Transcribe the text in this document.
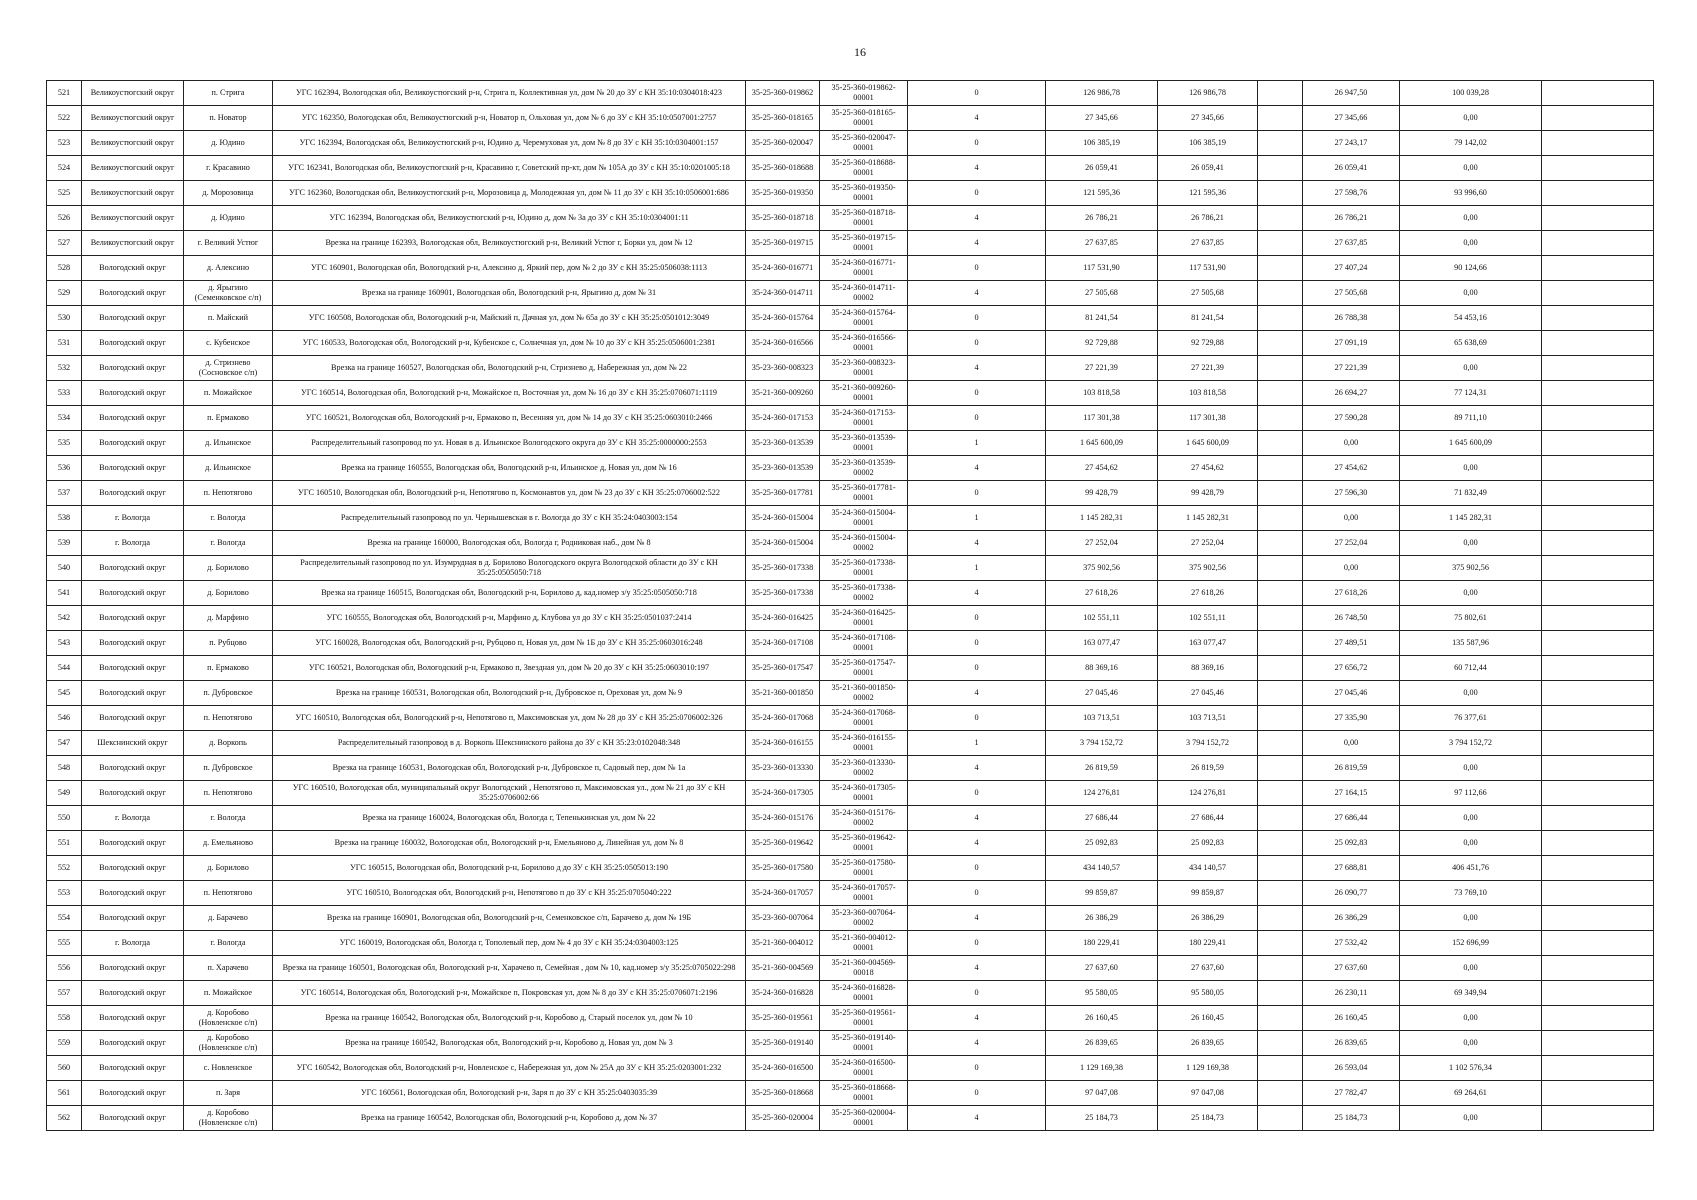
16
521	Великоустюгский округ	п. Стрига	УГС 162394, Вологодская обл, Великоустюгский р-н, Стрига п, Коллективная ул, дом № 20 до ЗУ с КН 35:10:0304018:423	35-25-360-019862	35-25-360-019862-00001	0	126 986,78	126 986,78		26 947,50	100 039,28	
522	Великоустюгский округ	п. Новатор	УГС 162350, Вологодская обл, Великоустюгский р-н, Новатор п, Ольховая ул, дом № 6 до ЗУ с КН 35:10:0507001:2757	35-25-360-018165	35-25-360-018165-00001	4	27 345,66	27 345,66		27 345,66	0,00	
523	Великоустюгский округ	д. Юдино	УГС 162394, Вологодская обл, Великоустюгский р-н, Юдино д, Черемуховая ул, дом № 8 до ЗУ с КН 35:10:0304001:157	35-25-360-020047	35-25-360-020047-00001	0	106 385,19	106 385,19		27 243,17	79 142,02	
524	Великоустюгский округ	г. Красавино	УГС 162341, Вологодская обл, Великоустюгский р-н, Красавино г, Советский пр-кт, дом № 105А до ЗУ с КН 35:10:0201005:18	35-25-360-018688	35-25-360-018688-00001	4	26 059,41	26 059,41		26 059,41	0,00	
525	Великоустюгский округ	д. Морозовица	УГС 162360, Вологодская обл, Великоустюгский р-н, Морозовица д, Молодежная ул, дом № 11 до ЗУ с КН 35:10:0506001:686	35-25-360-019350	35-25-360-019350-00001	0	121 595,36	121 595,36		27 598,76	93 996,60	
526	Великоустюгский округ	д. Юдино	УГС 162394, Вологодская обл, Великоустюгский р-н, Юдино д, дом № 3а до ЗУ с КН 35:10:0304001:11	35-25-360-018718	35-25-360-018718-00001	4	26 786,21	26 786,21		26 786,21	0,00	
527	Великоустюгский округ	г. Великий Устюг	Врезка на границе 162393, Вологодская обл, Великоустюгский р-н, Великий Устюг г, Борки ул, дом № 12	35-25-360-019715	35-25-360-019715-00001	4	27 637,85	27 637,85		27 637,85	0,00	
528	Вологодский округ	д. Алексино	УГС 160901, Вологодская обл, Вологодский р-н, Алексино д, Яркий пер, дом № 2 до ЗУ с КН 35:25:0506038:1113	35-24-360-016771	35-24-360-016771-00001	0	117 531,90	117 531,90		27 407,24	90 124,66	
529	Вологодский округ	д. Ярыгино (Семенковское с/п)	Врезка на границе 160901, Вологодская обл, Вологодский р-н, Ярыгино д, дом № 31	35-24-360-014711	35-24-360-014711-00002	4	27 505,68	27 505,68		27 505,68	0,00	
530	Вологодский округ	п. Майский	УГС 160508, Вологодская обл, Вологодский р-н, Майский п, Дачная ул, дом № 65а до ЗУ с КН 35:25:0501012:3049	35-24-360-015764	35-24-360-015764-00001	0	81 241,54	81 241,54		26 788,38	54 453,16	
531	Вологодский округ	с. Кубенское	УГС 160533, Вологодская обл, Вологодский р-н, Кубенское с, Солнечная ул, дом № 10 до ЗУ с КН 35:25:0506001:2381	35-24-360-016566	35-24-360-016566-00001	0	92 729,88	92 729,88		27 091,19	65 638,69	
532	Вологодский округ	д. Стризнево (Сосновское с/п)	Врезка на границе 160527, Вологодская обл, Вологодский р-н, Стризнево д, Набережная ул, дом № 22	35-23-360-008323	35-23-360-008323-00001	4	27 221,39	27 221,39		27 221,39	0,00	
533	Вологодский округ	п. Можайское	УГС 160514, Вологодская обл, Вологодский р-н, Можайское п, Восточная ул, дом № 16 до ЗУ с КН 35:25:0706071:1119	35-21-360-009260	35-21-360-009260-00001	0	103 818,58	103 818,58		26 694,27	77 124,31	
534	Вологодский округ	п. Ермаково	УГС 160521, Вологодская обл, Вологодский р-н, Ермаково п, Весенняя ул, дом № 14 до ЗУ с КН 35:25:0603010:2466	35-24-360-017153	35-24-360-017153-00001	0	117 301,38	117 301,38		27 590,28	89 711,10	
535	Вологодский округ	д. Ильинское	Распределительный газопровод по ул. Новая в д. Ильинское Вологодского округа до ЗУ с КН 35:25:0000000:2553	35-23-360-013539	35-23-360-013539-00001	1	1 645 600,09	1 645 600,09		0,00	1 645 600,09	
536	Вологодский округ	д. Ильинское	Врезка на границе 160555, Вологодская обл, Вологодский р-н, Ильинское д, Новая ул, дом № 16	35-23-360-013539	35-23-360-013539-00002	4	27 454,62	27 454,62		27 454,62	0,00	
537	Вологодский округ	п. Непотягово	УГС 160510, Вологодская обл, Вологодский р-н, Непотягово п, Космонавтов ул, дом № 23 до ЗУ с КН 35:25:0706002:522	35-25-360-017781	35-25-360-017781-00001	0	99 428,79	99 428,79		27 596,30	71 832,49	
538	г. Вологда	г. Вологда	Распределительный газопровод по ул. Чернышевская в г. Вологда до ЗУ с КН 35:24:0403003:154	35-24-360-015004	35-24-360-015004-00001	1	1 145 282,31	1 145 282,31		0,00	1 145 282,31	
539	г. Вологда	г. Вологда	Врезка на границе 160000, Вологодская обл, Вологда г, Родниковая наб., дом № 8	35-24-360-015004	35-24-360-015004-00002	4	27 252,04	27 252,04		27 252,04	0,00	
540	Вологодский округ	д. Борилово	Распределительный газопровод по ул. Изумрудная в д. Борилово Вологодского округа Вологодской области до ЗУ с КН 35:25:0505050:718	35-25-360-017338	35-25-360-017338-00001	1	375 902,56	375 902,56		0,00	375 902,56	
541	Вологодский округ	д. Борилово	Врезка на границе 160515, Вологодская обл, Вологодский р-н, Борилово д, кад.номер з/у 35:25:0505050:718	35-25-360-017338	35-25-360-017338-00002	4	27 618,26	27 618,26		27 618,26	0,00	
542	Вологодский округ	д. Марфино	УГС 160555, Вологодская обл, Вологодский р-н, Марфино д, Клубова ул до ЗУ с КН 35:25:0501037:2414	35-24-360-016425	35-24-360-016425-00001	0	102 551,11	102 551,11		26 748,50	75 802,61	
543	Вологодский округ	п. Рубцово	УГС 160028, Вологодская обл, Вологодский р-н, Рубцово п, Новая ул, дом № 1Б до ЗУ с КН 35:25:0603016:248	35-24-360-017108	35-24-360-017108-00001	0	163 077,47	163 077,47		27 489,51	135 587,96	
544	Вологодский округ	п. Ермаково	УГС 160521, Вологодская обл, Вологодский р-н, Ермаково п, Звездная ул, дом № 20 до ЗУ с КН 35:25:0603010:197	35-25-360-017547	35-25-360-017547-00001	0	88 369,16	88 369,16		27 656,72	60 712,44	
545	Вологодский округ	п. Дубровское	Врезка на границе 160531, Вологодская обл, Вологодский р-н, Дубровское п, Ореховая ул, дом № 9	35-21-360-001850	35-21-360-001850-00002	4	27 045,46	27 045,46		27 045,46	0,00	
546	Вологодский округ	п. Непотягово	УГС 160510, Вологодская обл, Вологодский р-н, Непотягово п, Максимовская ул, дом № 28 до ЗУ с КН 35:25:0706002:326	35-24-360-017068	35-24-360-017068-00001	0	103 713,51	103 713,51		27 335,90	76 377,61	
547	Шекснинский округ	д. Воркопь	Распределительный газопровод в д. Воркопь Шекснинского района до ЗУ с КН 35:23:0102048:348	35-24-360-016155	35-24-360-016155-00001	1	3 794 152,72	3 794 152,72		0,00	3 794 152,72	
548	Вологодский округ	п. Дубровское	Врезка на границе 160531, Вологодская обл, Вологодский р-н, Дубровское п, Садовый пер, дом № 1а	35-23-360-013330	35-23-360-013330-00002	4	26 819,59	26 819,59		26 819,59	0,00	
549	Вологодский округ	п. Непотягово	УГС 160510, Вологодская обл, муниципальный округ Вологодский , Непотягово п, Максимовская ул., дом № 21 до ЗУ с КН 35:25:0706002:66	35-24-360-017305	35-24-360-017305-00001	0	124 276,81	124 276,81		27 164,15	97 112,66	
550	г. Вологда	г. Вологда	Врезка на границе 160024, Вологодская обл, Вологда г, Тепенькинская ул, дом № 22	35-24-360-015176	35-24-360-015176-00002	4	27 686,44	27 686,44		27 686,44	0,00	
551	Вологодский округ	д. Емельяново	Врезка на границе 160032, Вологодская обл, Вологодский р-н, Емельяново д, Линейная ул, дом № 8	35-25-360-019642	35-25-360-019642-00001	4	25 092,83	25 092,83		25 092,83	0,00	
552	Вологодский округ	д. Борилово	УГС 160515, Вологодская обл, Вологодский р-н, Борилово д до ЗУ с КН 35:25:0505013:190	35-25-360-017580	35-25-360-017580-00001	0	434 140,57	434 140,57		27 688,81	406 451,76	
553	Вологодский округ	п. Непотягово	УГС 160510, Вологодская обл, Вологодский р-н, Непотягово п до ЗУ с КН 35:25:0705040:222	35-24-360-017057	35-24-360-017057-00001	0	99 859,87	99 859,87		26 090,77	73 769,10	
554	Вологодский округ	д. Барачево	Врезка на границе 160901, Вологодская обл, Вологодский р-н, Семенковское с/п, Барачево д, дом № 19Б	35-23-360-007064	35-23-360-007064-00002	4	26 386,29	26 386,29		26 386,29	0,00	
555	г. Вологда	г. Вологда	УГС 160019, Вологодская обл, Вологда г, Тополевый пер, дом № 4 до ЗУ с КН 35:24:0304003:125	35-21-360-004012	35-21-360-004012-00001	0	180 229,41	180 229,41		27 532,42	152 696,99	
556	Вологодский округ	п. Харачево	Врезка на границе 160501, Вологодская обл, Вологодский р-н, Харачево п, Семейная , дом № 10, кад.номер з/у 35:25:0705022:298	35-21-360-004569	35-21-360-004569-00018	4	27 637,60	27 637,60		27 637,60	0,00	
557	Вологодский округ	п. Можайское	УГС 160514, Вологодская обл, Вологодский р-н, Можайское п, Покровская ул, дом № 8 до ЗУ с КН 35:25:0706071:2196	35-24-360-016828	35-24-360-016828-00001	0	95 580,05	95 580,05		26 230,11	69 349,94	
558	Вологодский округ	д. Коробово (Новленское с/п)	Врезка на границе 160542, Вологодская обл, Вологодский р-н, Коробово д, Старый поселок ул, дом № 10	35-25-360-019561	35-25-360-019561-00001	4	26 160,45	26 160,45		26 160,45	0,00	
559	Вологодский округ	д. Коробово (Новленское с/п)	Врезка на границе 160542, Вологодская обл, Вологодский р-н, Коробово д, Новая ул, дом № 3	35-25-360-019140	35-25-360-019140-00001	4	26 839,65	26 839,65		26 839,65	0,00	
560	Вологодский округ	с. Новленское	УГС 160542, Вологодская обл, Вологодский р-н, Новленское с, Набережная ул, дом № 25А до ЗУ с КН 35:25:0203001:232	35-24-360-016500	35-24-360-016500-00001	0	1 129 169,38	1 129 169,38		26 593,04	1 102 576,34	
561	Вологодский округ	п. Заря	УГС 160561, Вологодская обл, Вологодский р-н, Заря п до ЗУ с КН 35:25:0403035:39	35-25-360-018668	35-25-360-018668-00001	0	97 047,08	97 047,08		27 782,47	69 264,61	
562	Вологодский округ	д. Коробово (Новленское с/п)	Врезка на границе 160542, Вологодская обл, Вологодский р-н, Коробово д, дом № 37	35-25-360-020004	35-25-360-020004-00001	4	25 184,73	25 184,73		25 184,73	0,00	
